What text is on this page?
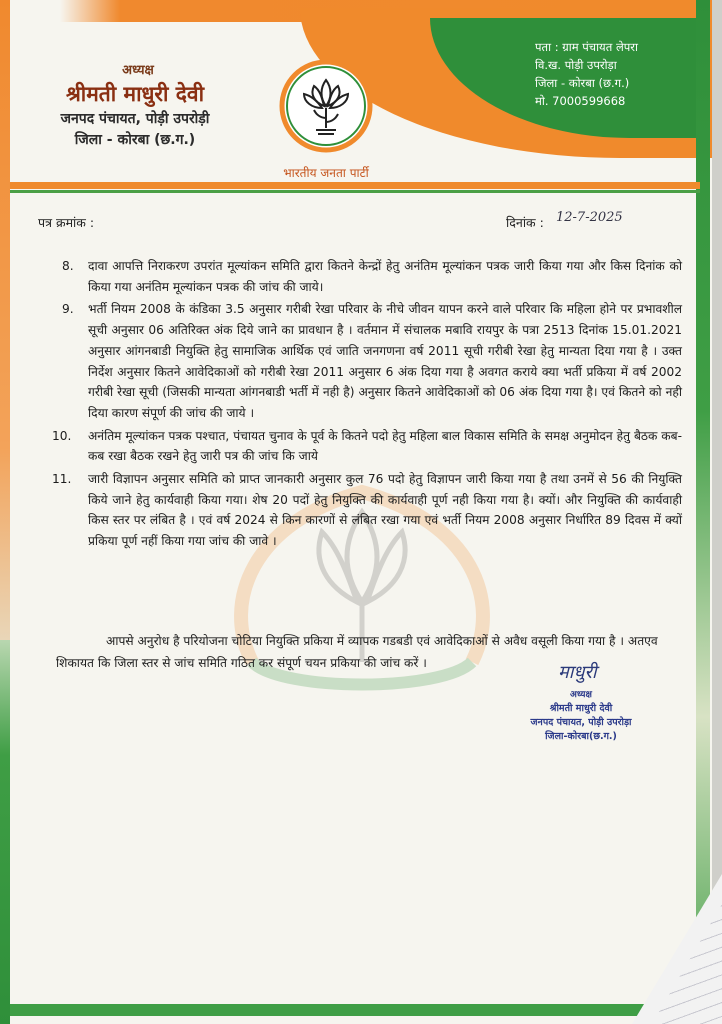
अध्यक्ष
श्रीमती माधुरी देवी
जनपद पंचायत, पोड़ी उपरोड़ी
जिला - कोरबा (छ.ग.)
भारतीय जनता पार्टी
पता : ग्राम पंचायत लेपरा
वि.ख. पोड़ी उपरोड़ा
जिला - कोरबा (छ.ग.)
मो. 7000599668
पत्र क्रमांक :	दिनांक : 12-7-2025
8. दावा आपत्ति निराकरण उपरांत मूल्यांकन समिति द्वारा कितने केन्द्रों हेतु अनंतिम मूल्यांकन पत्रक जारी किया गया और किस दिनांक को किया गया अनंतिम मूल्यांकन पत्रक की जांच की जाये।
9. भर्ती नियम 2008 के कंडिका 3.5 अनुसार गरीबी रेखा परिवार के नीचे जीवन यापन करने वाले परिवार कि महिला होने पर प्रभावशील सूची अनुसार 06 अतिरिक्त अंक दिये जाने का प्रावधान है । वर्तमान में संचालक मबावि रायपुर के पत्रा 2513 दिनांक 15.01.2021 अनुसार आंगनबाडी नियुक्ति हेतु सामाजिक आर्थिक एवं जाति जनगणना वर्ष 2011 सूची गरीबी रेखा हेतु मान्यता दिया गया है । उक्त निर्देश अनुसार कितने आवेदिकाओं को गरीबी रेखा 2011 अनुसार 6 अंक दिया गया है अवगत कराये क्या भर्ती प्रकिया में वर्ष 2002 गरीबी रेखा सूची (जिसकी मान्यता आंगनबाडी भर्ती में नही है) अनुसार कितने आवेदिकाओं को 06 अंक दिया गया है। एवं कितने को नही दिया कारण संपूर्ण की जांच की जाये ।
10. अनंतिम मूल्यांकन पत्रक पश्चात, पंचायत चुनाव के पूर्व के कितने पदो हेतु महिला बाल विकास समिति के समक्ष अनुमोदन हेतु बैठक कब- कब रखा बैठक रखने हेतु जारी पत्र की जांच कि जाये
11. जारी विज्ञापन अनुसार समिति को प्राप्त जानकारी अनुसार कुल 76 पदो हेतु विज्ञापन जारी किया गया है तथा उनमें से 56 की नियुक्ति किये जाने हेतु कार्यवाही किया गया। शेष 20 पदों हेतु नियुक्ति की कार्यवाही पूर्ण नही किया गया है। क्यों। और नियुक्ति की कार्यवाही किस स्तर पर लंबित है । एवं वर्ष 2024 से किन कारणों से लंबित रखा गया एवं भर्ती नियम 2008 अनुसार निर्धारित 89 दिवस में क्यों प्रकिया पूर्ण नहीं किया गया जांच की जावे ।
आपसे अनुरोध है परियोजना चोटिया नियुक्ति प्रकिया में व्यापक गडबडी एवं आवेदिकाओं से अवैध वसूली किया गया है । अतएव शिकायत कि जिला स्तर से जांच समिति गठित कर संपूर्ण चयन प्रकिया की जांच करें ।	माधुरी
अध्यक्ष
श्रीमती माधुरी देवी
जनपद पंचायत, पोड़ी उपरोड़ा
जिला-कोरबा(छ.ग.)
